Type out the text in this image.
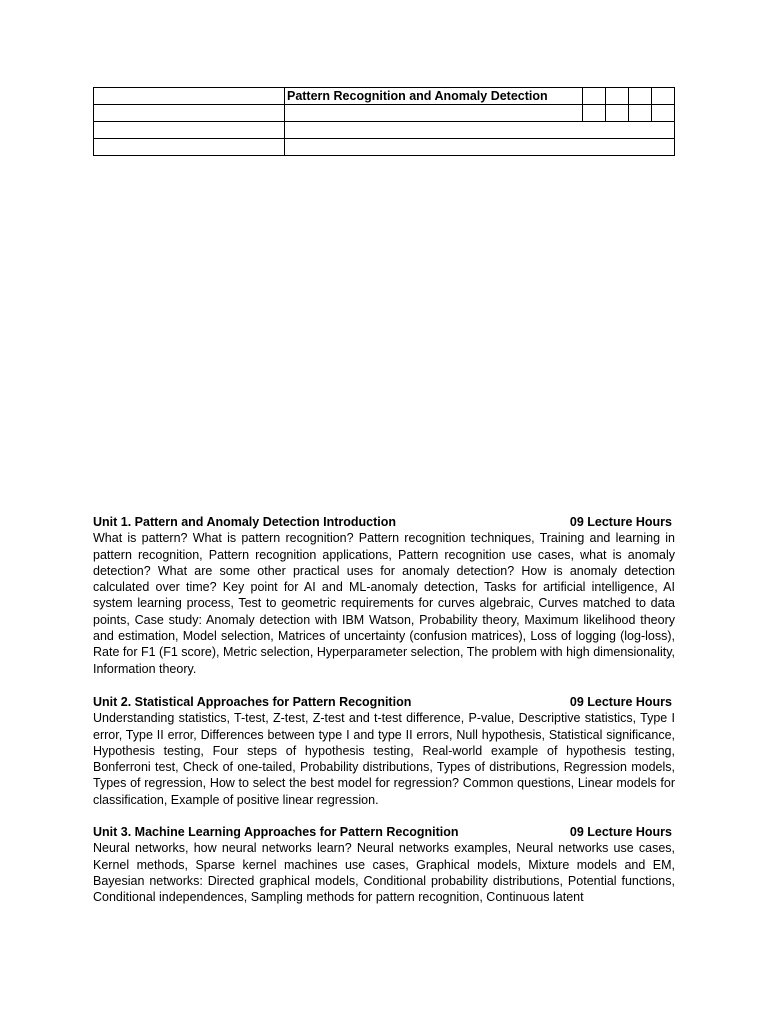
	Pattern Recognition and Anomaly Detection				

Unit 1. Pattern and Anomaly Detection Introduction	09 Lecture Hours
What is pattern? What is pattern recognition? Pattern recognition techniques, Training and learning in pattern recognition, Pattern recognition applications, Pattern recognition use cases, what is anomaly detection? What are some other practical uses for anomaly detection? How is anomaly detection calculated over time? Key point for AI and ML-anomaly detection, Tasks for artificial intelligence, AI system learning process, Test to geometric requirements for curves algebraic, Curves matched to data points, Case study: Anomaly detection with IBM Watson, Probability theory, Maximum likelihood theory and estimation, Model selection, Matrices of uncertainty (confusion matrices), Loss of logging (log-loss), Rate for F1 (F1 score), Metric selection, Hyperparameter selection, The problem with high dimensionality, Information theory.
Unit 2. Statistical Approaches for Pattern Recognition	09 Lecture Hours
Understanding statistics, T-test, Z-test, Z-test and t-test difference, P-value, Descriptive statistics, Type I error, Type II error, Differences between type I and type II errors, Null hypothesis, Statistical significance, Hypothesis testing, Four steps of hypothesis testing, Real-world example of hypothesis testing, Bonferroni test, Check of one-tailed, Probability distributions, Types of distributions, Regression models, Types of regression, How to select the best model for regression? Common questions, Linear models for classification, Example of positive linear regression.
Unit 3. Machine Learning Approaches for Pattern Recognition	09 Lecture Hours
Neural networks, how neural networks learn? Neural networks examples, Neural networks use cases, Kernel methods, Sparse kernel machines use cases, Graphical models, Mixture models and EM, Bayesian networks: Directed graphical models, Conditional probability distributions, Potential functions, Conditional independences, Sampling methods for pattern recognition, Continuous latent
